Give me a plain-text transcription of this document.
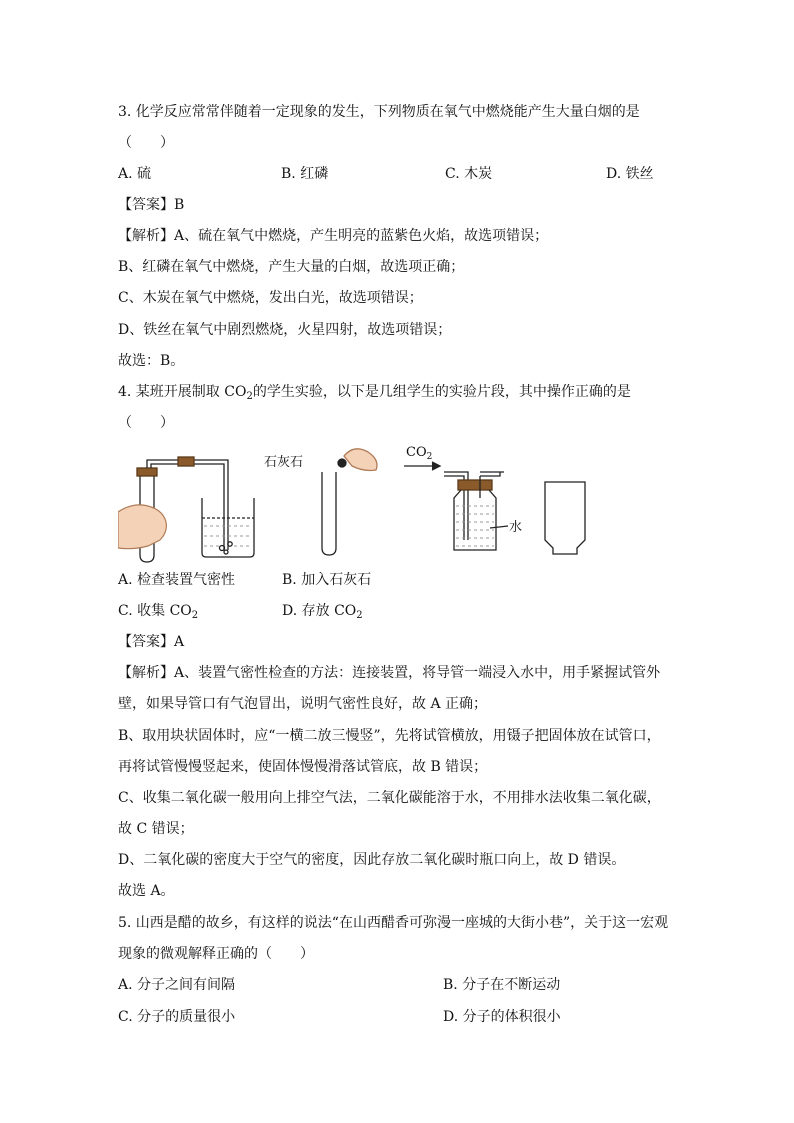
3. 化学反应常常伴随着一定现象的发生，下列物质在氧气中燃烧能产生大量白烟的是
（　　）
A. 硫	B. 红磷	C. 木炭	D. 铁丝
【答案】B
【解析】A、硫在氧气中燃烧，产生明亮的蓝紫色火焰，故选项错误；
B、红磷在氧气中燃烧，产生大量的白烟，故选项正确；
C、木炭在氧气中燃烧，发出白光，故选项错误；
D、铁丝在氧气中剧烈燃烧，火星四射，故选项错误；
故选：B。
4. 某班开展制取 $CO_2$的学生实验，以下是几组学生的实验片段，其中操作正确的是
（　　）
石灰石
$CO_2$
水
A. 检查装置气密性	B. 加入石灰石
C. 收集 $CO_2$	D. 存放 $CO_2$
【答案】A
【解析】A、装置气密性检查的方法：连接装置，将导管一端浸入水中，用手紧握试管外
壁，如果导管口有气泡冒出，说明气密性良好，故 A 正确；
B、取用块状固体时，应“一横二放三慢竖”，先将试管横放，用镊子把固体放在试管口，
再将试管慢慢竖起来，使固体慢慢滑落试管底，故 B 错误；
C、收集二氧化碳一般用向上排空气法，二氧化碳能溶于水，不用排水法收集二氧化碳，
故 C 错误；
D、二氧化碳的密度大于空气的密度，因此存放二氧化碳时瓶口向上，故 D 错误。
故选 A。
5. 山西是醋的故乡，有这样的说法“在山西醋香可弥漫一座城的大街小巷”，关于这一宏观
现象的微观解释正确的（　　）
A. 分子之间有间隔	B. 分子在不断运动
C. 分子的质量很小	D. 分子的体积很小
